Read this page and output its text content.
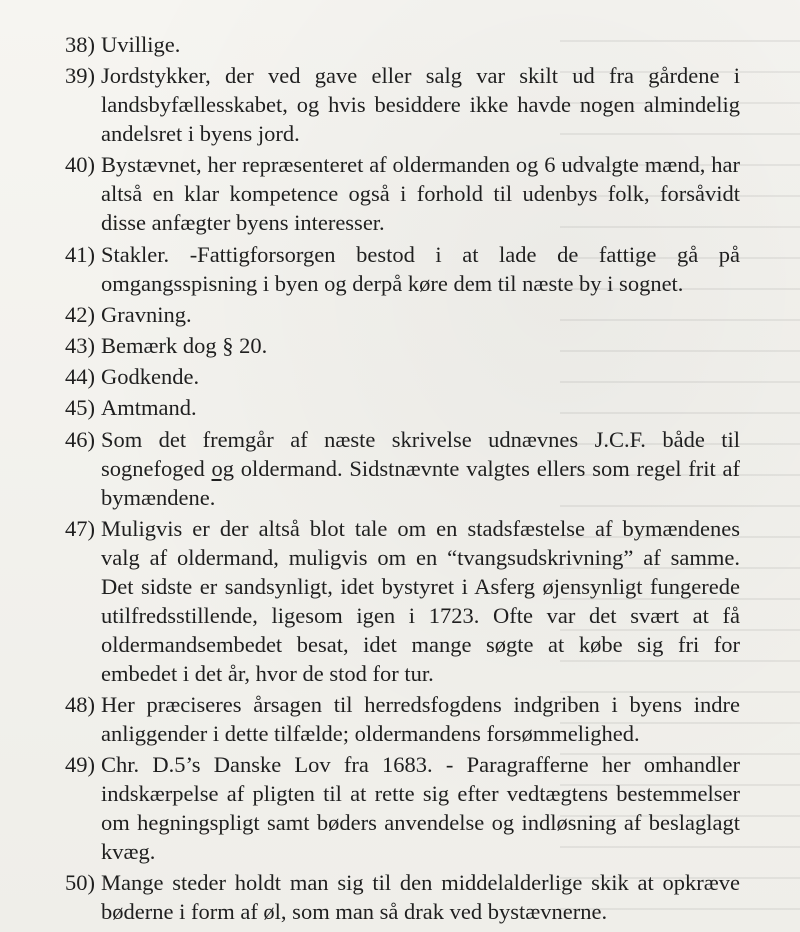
38) Uvillige.
39) Jordstykker, der ved gave eller salg var skilt ud fra gårdene i landsbyfællesskabet, og hvis besiddere ikke havde nogen almindelig andelsret i byens jord.
40) Bystævnet, her repræsenteret af oldermanden og 6 udvalgte mænd, har altså en klar kompetence også i forhold til udenbys folk, forsåvidt disse anfægter byens interesser.
41) Stakler. -Fattigforsorgen bestod i at lade de fattige gå på omgangsspisning i byen og derpå køre dem til næste by i sognet.
42) Gravning.
43) Bemærk dog § 20.
44) Godkende.
45) Amtmand.
46) Som det fremgår af næste skrivelse udnævnes J.C.F. både til sognefoged og oldermand. Sidstnævnte valgtes ellers som regel frit af bymændene.
47) Muligvis er der altså blot tale om en stadsfæstelse af bymændenes valg af oldermand, muligvis om en “tvangsudskrivning” af samme. Det sidste er sandsynligt, idet bystyret i Asferg øjensynligt fungerede utilfredsstillende, ligesom igen i 1723. Ofte var det svært at få oldermandsembedet besat, idet mange søgte at købe sig fri for embedet i det år, hvor de stod for tur.
48) Her præciseres årsagen til herredsfogdens indgriben i byens indre anliggender i dette tilfælde; oldermandens forsømmelighed.
49) Chr. D.5’s Danske Lov fra 1683. - Paragrafferne her omhandler indskærpelse af pligten til at rette sig efter vedtægtens bestemmelser om hegningspligt samt bøders anvendelse og indløsning af beslaglagt kvæg.
50) Mange steder holdt man sig til den middelalderlige skik at opkræve bøderne i form af øl, som man så drak ved bystævnerne.
